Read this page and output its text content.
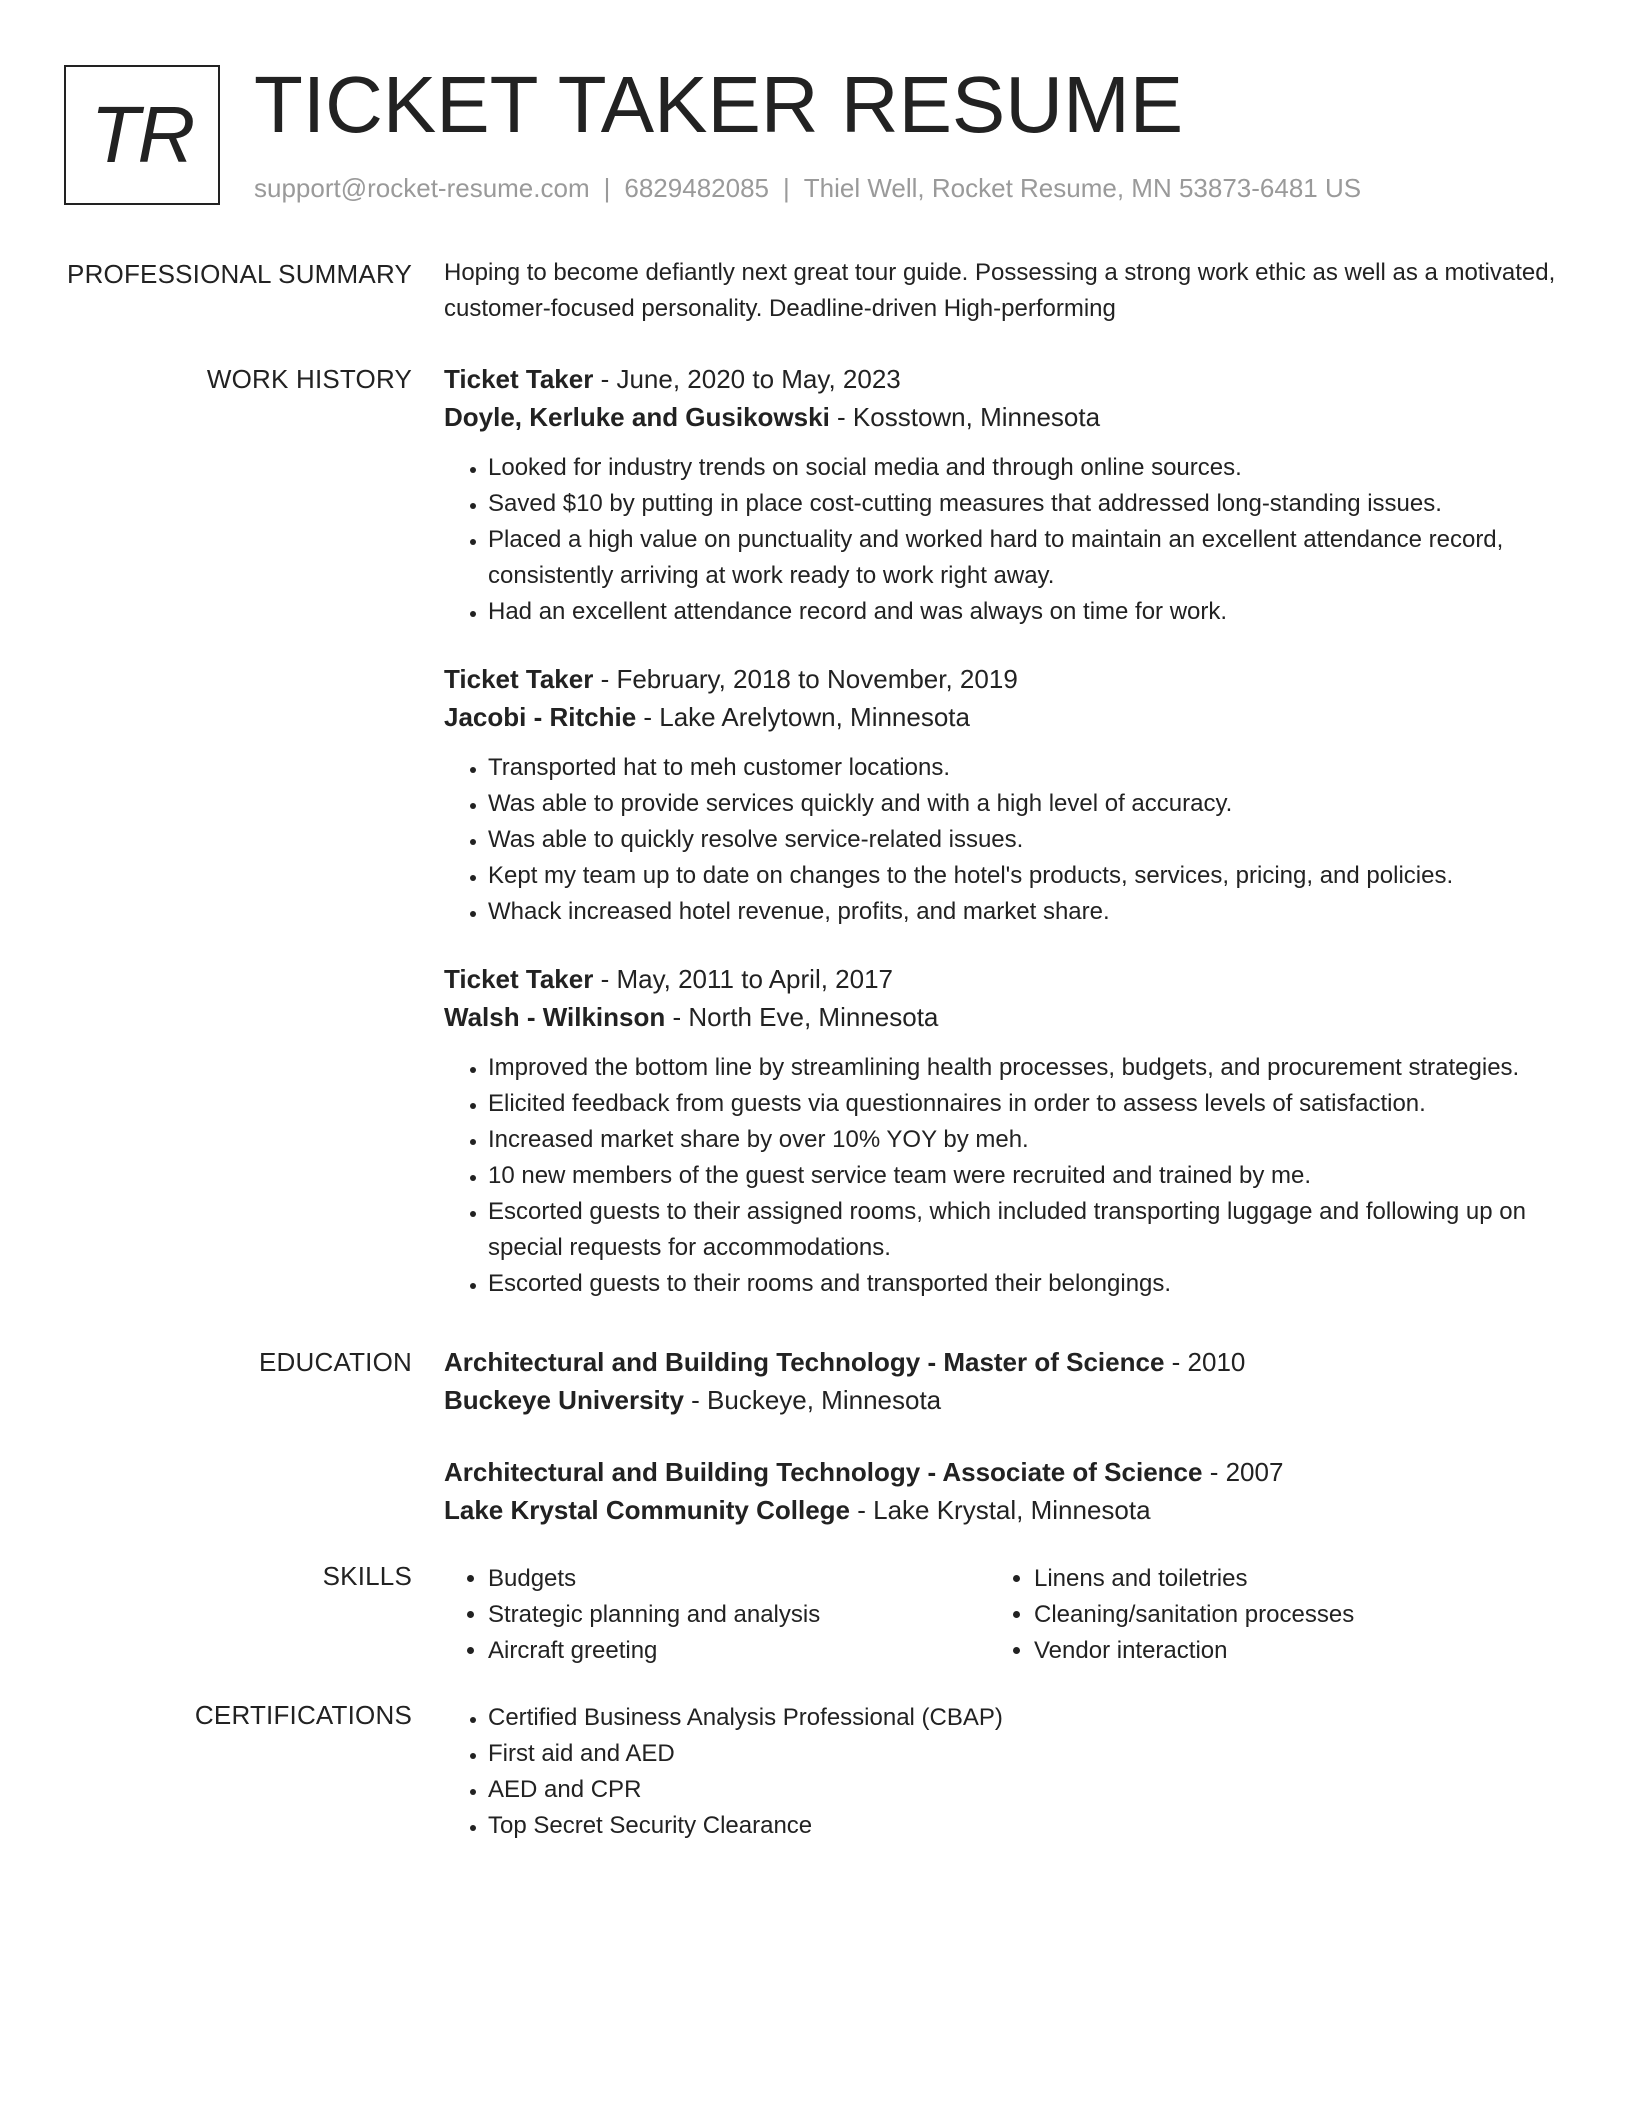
TR TICKET TAKER RESUME
support@rocket-resume.com | 6829482085 | Thiel Well, Rocket Resume, MN 53873-6481 US
PROFESSIONAL SUMMARY Hoping to become defiantly next great tour guide. Possessing a strong work ethic as well as a motivated, customer-focused personality. Deadline-driven High-performing

WORK HISTORY Ticket Taker - June, 2020 to May, 2023
Doyle, Kerluke and Gusikowski - Kosstown, Minnesota
• Looked for industry trends on social media and through online sources.
• Saved $10 by putting in place cost-cutting measures that addressed long-standing issues.
• Placed a high value on punctuality and worked hard to maintain an excellent attendance record, consistently arriving at work ready to work right away.
• Had an excellent attendance record and was always on time for work.
Ticket Taker - February, 2018 to November, 2019
Jacobi - Ritchie - Lake Arelytown, Minnesota
• Transported hat to meh customer locations.
• Was able to provide services quickly and with a high level of accuracy.
• Was able to quickly resolve service-related issues.
• Kept my team up to date on changes to the hotel's products, services, pricing, and policies.
• Whack increased hotel revenue, profits, and market share.
Ticket Taker - May, 2011 to April, 2017
Walsh - Wilkinson - North Eve, Minnesota
• Improved the bottom line by streamlining health processes, budgets, and procurement strategies.
• Elicited feedback from guests via questionnaires in order to assess levels of satisfaction.
• Increased market share by over 10% YOY by meh.
• 10 new members of the guest service team were recruited and trained by me.
• Escorted guests to their assigned rooms, which included transporting luggage and following up on special requests for accommodations.
• Escorted guests to their rooms and transported their belongings.
EDUCATION Architectural and Building Technology - Master of Science - 2010
Buckeye University - Buckeye, Minnesota
Architectural and Building Technology - Associate of Science - 2007
Lake Krystal Community College - Lake Krystal, Minnesota
SKILLS	• Budgets
• Strategic planning and analysis
• Aircraft greeting
• Linens and toiletries
• Cleaning/sanitation processes
• Vendor interaction
CERTIFICATIONS	• Certified Business Analysis Professional (CBAP)
• First aid and AED
• AED and CPR
• Top Secret Security Clearance
